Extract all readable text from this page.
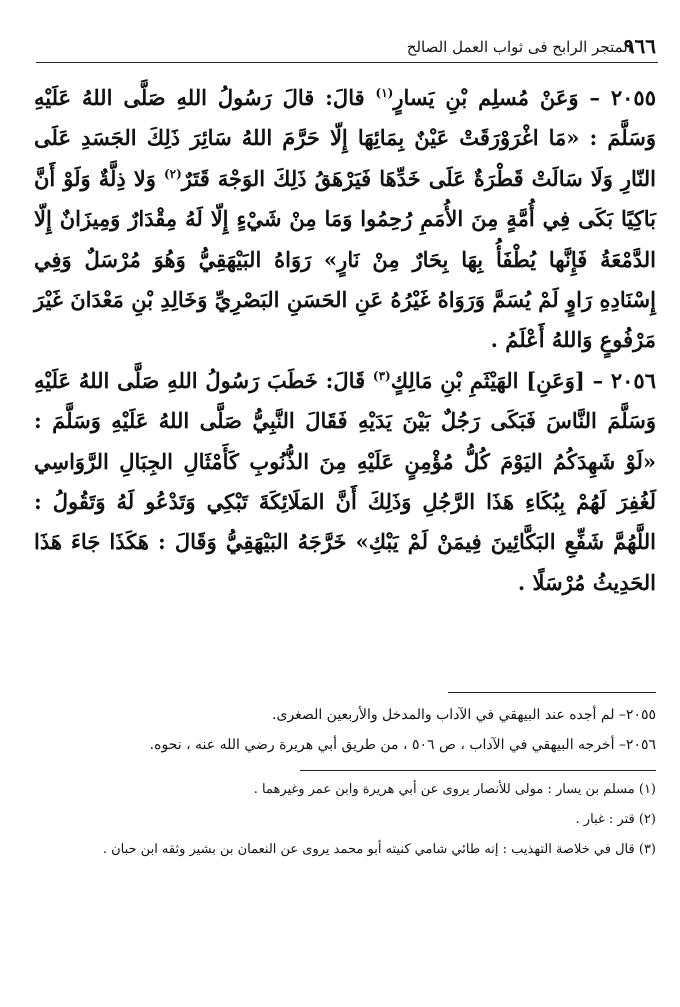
٩٦٦
المتجر الرابح فى ثواب العمل الصالح

٢٠٥٥ – وَعَنْ مُسلِم بْنِ يَسارٍ$^{(١)}$ قالَ: قالَ رَسُولُ اللهِ صَلَّى اللهُ عَلَيْهِ وَسَلَّمَ : «مَا اغْرَوْرَقَتْ عَيْنٌ بِمَائِهَا إِلّا حَرَّمَ اللهُ سَائِرَ ذَلِكَ الجَسَدِ عَلَى النّارِ وَلَا سَالَتْ قَطْرَةٌ عَلَى خَدِّهَا فَيَرْهَقُ ذَلِكَ الوَجْهَ قَتَرٌ$^{(٢)}$ وَلا ذِلَّةٌ وَلَوْ أَنَّ بَاكِيًا بَكَى فِي أُمَّةٍ مِنَ الأُمَمِ رُحِمُوا وَمَا مِنْ شَيْءٍ إِلّا لَهُ مِقْدَارٌ وَمِيزَانٌ إِلّا الدَّمْعَةُ فَإِنَّها يُطْفَأُ بِهَا بِحَارٌ مِنْ نَارٍ» رَوَاهُ البَيْهَقِيُّ وَهُوَ مُرْسَلٌ وَفِي إِسْنَادِهِ رَاوٍ لَمْ يُسَمَّ وَرَوَاهُ غَيْرُهُ عَنِ الحَسَنِ البَصْرِيِّ وَخَالِدِ بْنِ مَعْدَانَ غَيْرَ مَرْفُوعٍ وَاللهُ أَعْلَمُ .

٢٠٥٦ – [وَعَنِ] الهَيْثَمِ بْنِ مَالِكٍ$^{(٣)}$ قَالَ: خَطَبَ رَسُولُ اللهِ صَلَّى اللهُ عَلَيْهِ وَسَلَّمَ النَّاسَ فَبَكَى رَجُلٌ بَيْنَ يَدَيْهِ فَقَالَ النَّبِيُّ صَلَّى اللهُ عَلَيْهِ وَسَلَّمَ : «لَوْ شَهِدَكُمُ اليَوْمَ كُلُّ مُؤْمِنٍ عَلَيْهِ مِنَ الذُّنُوبِ كَأَمْثَالِ الجِبَالِ الرَّوَاسِي لَغُفِرَ لَهُمْ بِبُكَاءِ هَذَا الرَّجُلِ وَذَلِكَ أَنَّ المَلَائِكَةَ تَبْكِي وَتَدْعُو لَهُ وَتَقُولُ : اللَّهُمَّ شَفِّعِ البَكَّائِينَ فِيمَنْ لَمْ يَبْكِ» خَرَّجَهُ البَيْهَقِيُّ وَقَالَ : هَكَذَا جَاءَ هَذَا الحَدِيثُ مُرْسَلًا .

٢٠٥٥– لم أجده عند البيهقي في الآداب والمدخل والأربعين الصغرى.

٢٠٥٦– أخرجه البيهقي في الآداب ، ص ٥٠٦ ، من طريق أبي هريرة رضي الله عنه ، نحوه.

(١) مسلم بن يسار : مولى للأنصار يروى عن أبي هريرة وابن عمر وغيرهما .

(٢) قتر : غبار .

(٣) قال في خلاصة التهذيب : إنه طائي شامي كنيته أبو محمد يروى عن النعمان بن بشير وثقه ابن حبان .
